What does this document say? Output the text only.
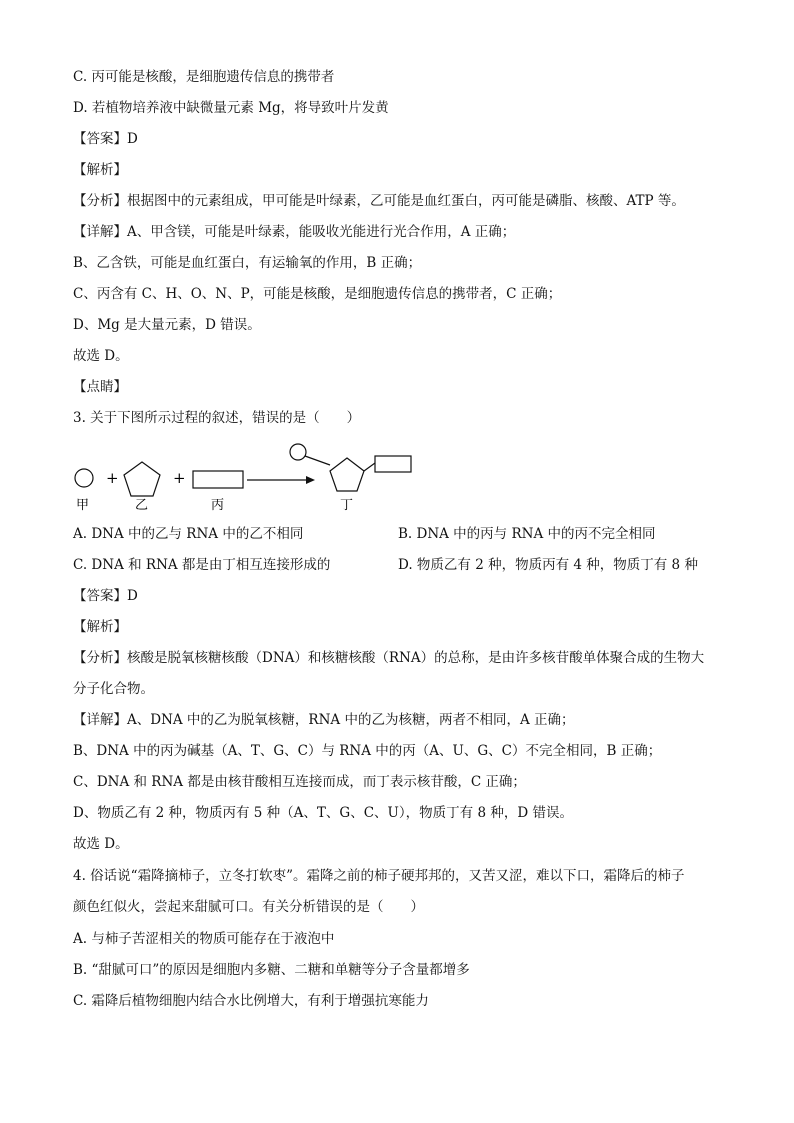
C. 丙可能是核酸，是细胞遗传信息的携带者
D. 若植物培养液中缺微量元素 Mg，将导致叶片发黄
【答案】D
【解析】
【分析】根据图中的元素组成，甲可能是叶绿素，乙可能是血红蛋白，丙可能是磷脂、核酸、ATP 等。
【详解】A、甲含镁，可能是叶绿素，能吸收光能进行光合作用，A 正确；
B、乙含铁，可能是血红蛋白，有运输氧的作用，B 正确；
C、丙含有 C、H、O、N、P，可能是核酸，是细胞遗传信息的携带者，C 正确；
D、Mg 是大量元素，D 错误。
故选 D。
【点睛】
3. 关于下图所示过程的叙述，错误的是（　　）
+	+
甲	乙	丙	丁
A. DNA 中的乙与 RNA 中的乙不相同	B. DNA 中的丙与 RNA 中的丙不完全相同
C. DNA 和 RNA 都是由丁相互连接形成的	D. 物质乙有 2 种，物质丙有 4 种，物质丁有 8 种
【答案】D
【解析】
【分析】核酸是脱氧核糖核酸（DNA）和核糖核酸（RNA）的总称，是由许多核苷酸单体聚合成的生物大
分子化合物。
【详解】A、DNA 中的乙为脱氧核糖，RNA 中的乙为核糖，两者不相同，A 正确；
B、DNA 中的丙为碱基（A、T、G、C）与 RNA 中的丙（A、U、G、C）不完全相同，B 正确；
C、DNA 和 RNA 都是由核苷酸相互连接而成，而丁表示核苷酸，C 正确；
D、物质乙有 2 种，物质丙有 5 种（A、T、G、C、U），物质丁有 8 种，D 错误。
故选 D。
4. 俗话说“霜降摘柿子，立冬打软枣”。霜降之前的柿子硬邦邦的，又苦又涩，难以下口，霜降后的柿子
颜色红似火，尝起来甜腻可口。有关分析错误的是（　　）
A. 与柿子苦涩相关的物质可能存在于液泡中
B. “甜腻可口”的原因是细胞内多糖、二糖和单糖等分子含量都增多
C. 霜降后植物细胞内结合水比例增大，有利于增强抗寒能力
